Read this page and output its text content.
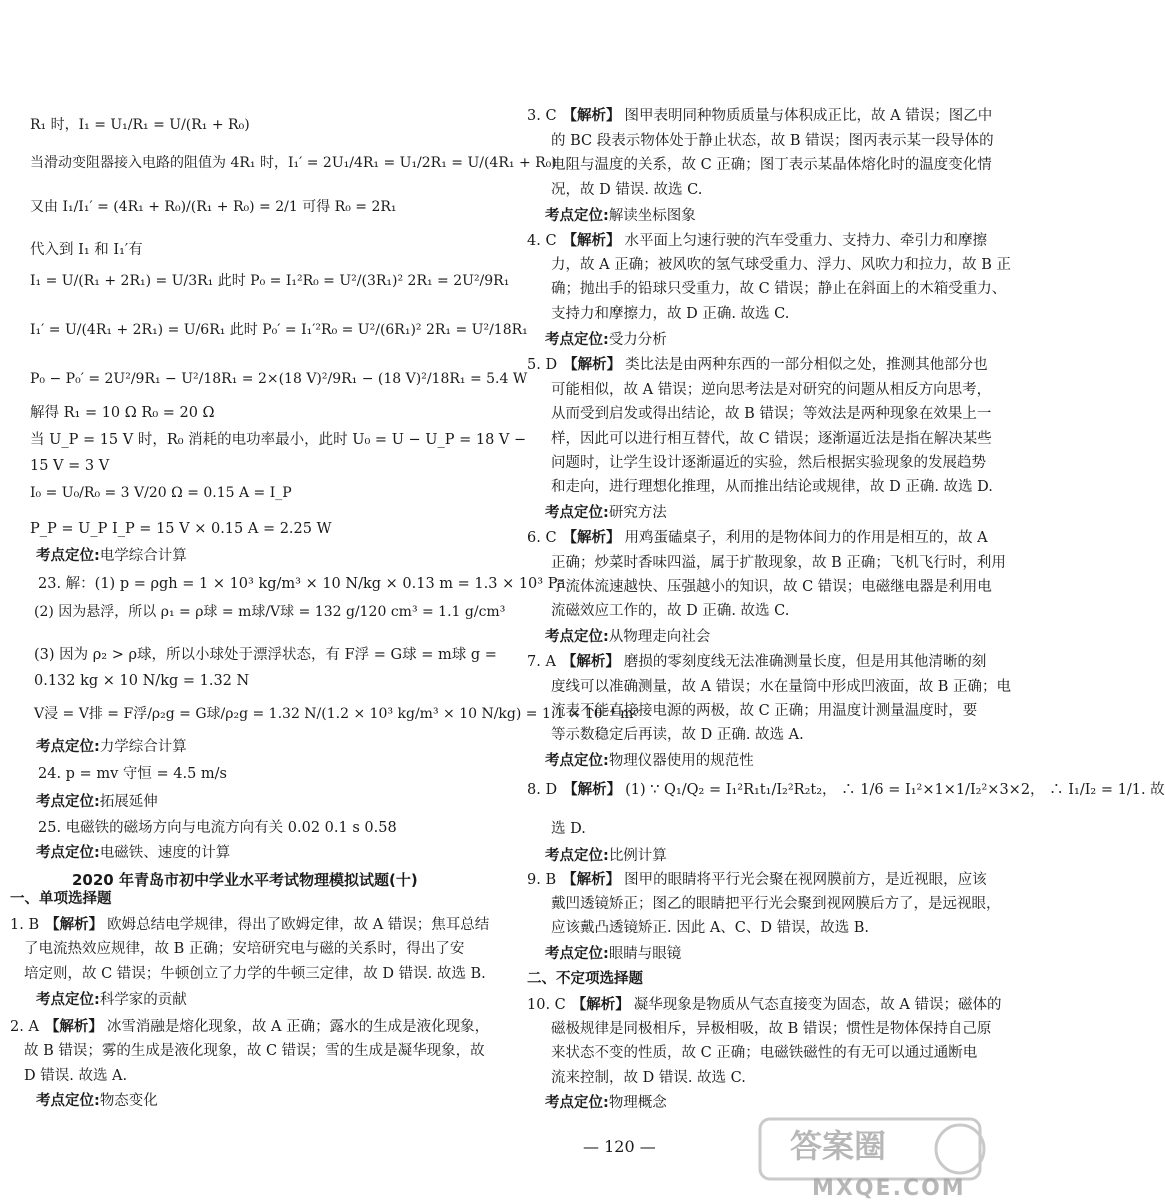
R₁ 时，I₁ = U₁/R₁ = U/(R₁ + R₀)
当滑动变阻器接入电路的阻值为 4R₁ 时，I₁′ = 2U₁/4R₁ = U₁/2R₁ = U/(4R₁ + R₀)
又由 I₁/I₁′ = (4R₁ + R₀)/(R₁ + R₀) = 2/1 可得 R₀ = 2R₁
代入到 I₁ 和 I₁′有
I₁ = U/(R₁ + 2R₁) = U/3R₁ 此时 P₀ = I₁²R₀ = U²/(3R₁)² 2R₁ = 2U²/9R₁
I₁′ = U/(4R₁ + 2R₁) = U/6R₁ 此时 P₀′ = I₁′²R₀ = U²/(6R₁)² 2R₁ = U²/18R₁
P₀ − P₀′ = 2U²/9R₁ − U²/18R₁ = 2×(18 V)²/9R₁ − (18 V)²/18R₁ = 5.4 W
解得 R₁ = 10 Ω R₀ = 20 Ω
当 U_P = 15 V 时，R₀ 消耗的电功率最小，此时 U₀ = U − U_P = 18 V −
15 V = 3 V
I₀ = U₀/R₀ = 3 V/20 Ω = 0.15 A = I_P
P_P = U_P I_P = 15 V × 0.15 A = 2.25 W
考点定位:电学综合计算
23. 解：(1) p = ρgh = 1 × 10³ kg/m³ × 10 N/kg × 0.13 m = 1.3 × 10³ Pa
(2) 因为悬浮，所以 ρ₁ = ρ球 = m球/V球 = 132 g/120 cm³ = 1.1 g/cm³
(3) 因为 ρ₂ > ρ球，所以小球处于漂浮状态，有 F浮 = G球 = m球 g =
0.132 kg × 10 N/kg = 1.32 N
V浸 = V排 = F浮/ρ₂g = G球/ρ₂g = 1.32 N/(1.2 × 10³ kg/m³ × 10 N/kg) = 1.1 × 10⁻⁴ m³
考点定位:力学综合计算
24. p = mv 守恒 = 4.5 m/s
考点定位:拓展延伸
25. 电磁铁的磁场方向与电流方向有关 0.02 0.1 s 0.58
考点定位:电磁铁、速度的计算
2020 年青岛市初中学业水平考试物理模拟试题(十)
一、单项选择题
1. B 【解析】 欧姆总结电学规律，得出了欧姆定律，故 A 错误；焦耳总结
了电流热效应规律，故 B 正确；安培研究电与磁的关系时，得出了安
培定则，故 C 错误；牛顿创立了力学的牛顿三定律，故 D 错误. 故选 B.
考点定位:科学家的贡献
2. A 【解析】 冰雪消融是熔化现象，故 A 正确；露水的生成是液化现象，
故 B 错误；雾的生成是液化现象，故 C 错误；雪的生成是凝华现象，故
D 错误. 故选 A.
考点定位:物态变化
3. C 【解析】 图甲表明同种物质质量与体积成正比，故 A 错误；图乙中
的 BC 段表示物体处于静止状态，故 B 错误；图丙表示某一段导体的
电阻与温度的关系，故 C 正确；图丁表示某晶体熔化时的温度变化情
况，故 D 错误. 故选 C.
考点定位:解读坐标图象
4. C 【解析】 水平面上匀速行驶的汽车受重力、支持力、牵引力和摩擦
力，故 A 正确；被风吹的氢气球受重力、浮力、风吹力和拉力，故 B 正
确；抛出手的铅球只受重力，故 C 错误；静止在斜面上的木箱受重力、
支持力和摩擦力，故 D 正确. 故选 C.
考点定位:受力分析
5. D 【解析】 类比法是由两种东西的一部分相似之处，推测其他部分也
可能相似，故 A 错误；逆向思考法是对研究的问题从相反方向思考，
从而受到启发或得出结论，故 B 错误；等效法是两种现象在效果上一
样，因此可以进行相互替代，故 C 错误；逐渐逼近法是指在解决某些
问题时，让学生设计逐渐逼近的实验，然后根据实验现象的发展趋势
和走向，进行理想化推理，从而推出结论或规律，故 D 正确. 故选 D.
考点定位:研究方法
6. C 【解析】 用鸡蛋磕桌子，利用的是物体间力的作用是相互的，故 A
正确；炒菜时香味四溢，属于扩散现象，故 B 正确；飞机飞行时，利用
了流体流速越快、压强越小的知识，故 C 错误；电磁继电器是利用电
流磁效应工作的，故 D 正确. 故选 C.
考点定位:从物理走向社会
7. A 【解析】 磨损的零刻度线无法准确测量长度，但是用其他清晰的刻
度线可以准确测量，故 A 错误；水在量筒中形成凹液面，故 B 正确；电
流表不能直接接电源的两极，故 C 正确；用温度计测量温度时，要
等示数稳定后再读，故 D 正确. 故选 A.
考点定位:物理仪器使用的规范性
8. D 【解析】 (1) ∵ Q₁/Q₂ = I₁²R₁t₁/I₂²R₂t₂， ∴ 1/6 = I₁²×1×1/I₂²×3×2， ∴ I₁/I₂ = 1/1. 故
选 D.
考点定位:比例计算
9. B 【解析】 图甲的眼睛将平行光会聚在视网膜前方，是近视眼，应该
戴凹透镜矫正；图乙的眼睛把平行光会聚到视网膜后方了，是远视眼，
应该戴凸透镜矫正. 因此 A、C、D 错误，故选 B.
考点定位:眼睛与眼镜
二、不定项选择题
10. C 【解析】 凝华现象是物质从气态直接变为固态，故 A 错误；磁体的
磁极规律是同极相斥，异极相吸，故 B 错误；惯性是物体保持自己原
来状态不变的性质，故 C 正确；电磁铁磁性的有无可以通过通断电
流来控制，故 D 错误. 故选 C.
考点定位:物理概念
— 120 —	答案圈
MXQE.COM
